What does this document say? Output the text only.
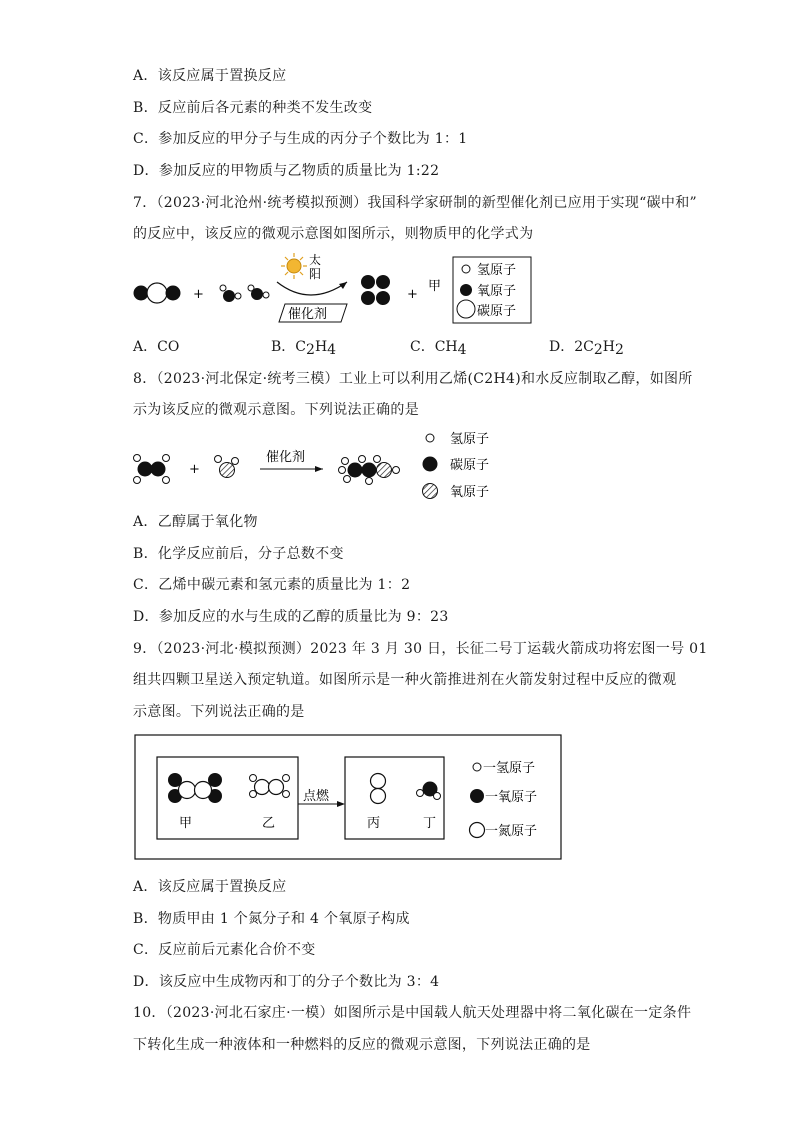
A．该反应属于置换反应
B．反应前后各元素的种类不发生改变
C．参加反应的甲分子与生成的丙分子个数比为 1：1
D．参加反应的甲物质与乙物质的质量比为 1:22
7．（2023·河北沧州·统考模拟预测）我国科学家研制的新型催化剂已应用于实现“碳中和”
的反应中，该反应的微观示意图如图所示，则物质甲的化学式为
+
太
阳
催化剂
+
甲
氢原子
氧原子
碳原子
A．CO	B．C2H4	C．CH4	D．2C2H2
8．（2023·河北保定·统考三模）工业上可以利用乙烯(C2H4)和水反应制取乙醇，如图所
示为该反应的微观示意图。下列说法正确的是
+
催化剂
氢原子
碳原子
氧原子
A．乙醇属于氧化物
B．化学反应前后，分子总数不变
C．乙烯中碳元素和氢元素的质量比为 1：2
D．参加反应的水与生成的乙醇的质量比为 9：23
9．（2023·河北·模拟预测）2023 年 3 月 30 日，长征二号丁运载火箭成功将宏图一号 01
组共四颗卫星送入预定轨道。如图所示是一种火箭推进剂在火箭发射过程中反应的微观
示意图。下列说法正确的是
甲	乙
点燃
丙	丁
一氢原子
一氧原子
一氮原子
A．该反应属于置换反应
B．物质甲由 1 个氮分子和 4 个氧原子构成
C．反应前后元素化合价不变
D．该反应中生成物丙和丁的分子个数比为 3：4
10．（2023·河北石家庄·一模）如图所示是中国载人航天处理器中将二氧化碳在一定条件
下转化生成一种液体和一种燃料的反应的微观示意图，下列说法正确的是
